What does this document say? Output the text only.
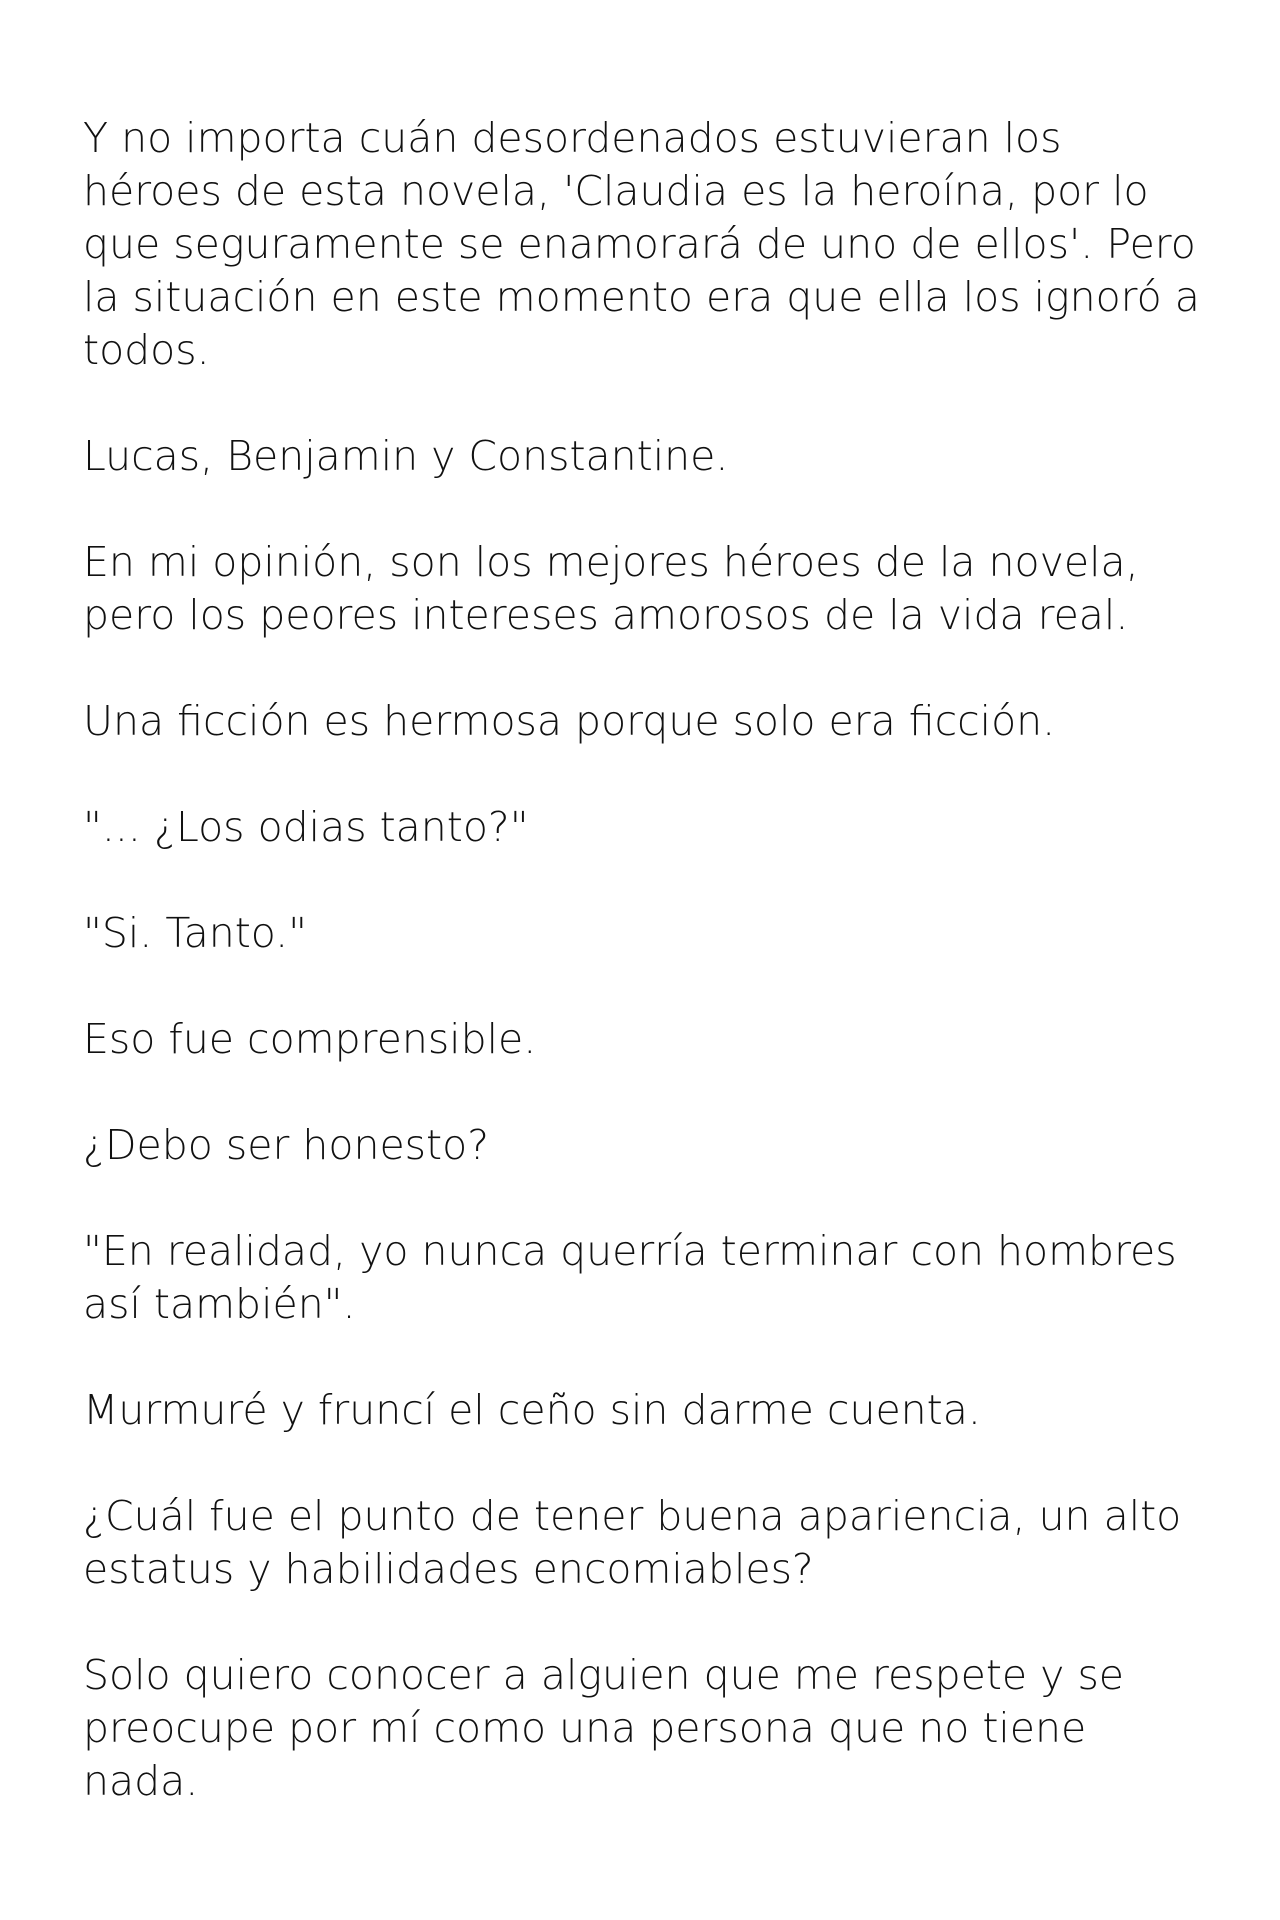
Y no importa cuán desordenados estuvieran los héroes de esta novela, 'Claudia es la heroína, por lo que seguramente se enamorará de uno de ellos'. Pero la situación en este momento era que ella los ignoró a todos.

Lucas, Benjamin y Constantine.

En mi opinión, son los mejores héroes de la novela, pero los peores intereses amorosos de la vida real.

Una ficción es hermosa porque solo era ficción.

"... ¿Los odias tanto?"

"Si. Tanto."

Eso fue comprensible.

¿Debo ser honesto?

"En realidad, yo nunca querría terminar con hombres así también".

Murmuré y fruncí el ceño sin darme cuenta.

¿Cuál fue el punto de tener buena apariencia, un alto estatus y habilidades encomiables?

Solo quiero conocer a alguien que me respete y se preocupe por mí como una persona que no tiene nada.
